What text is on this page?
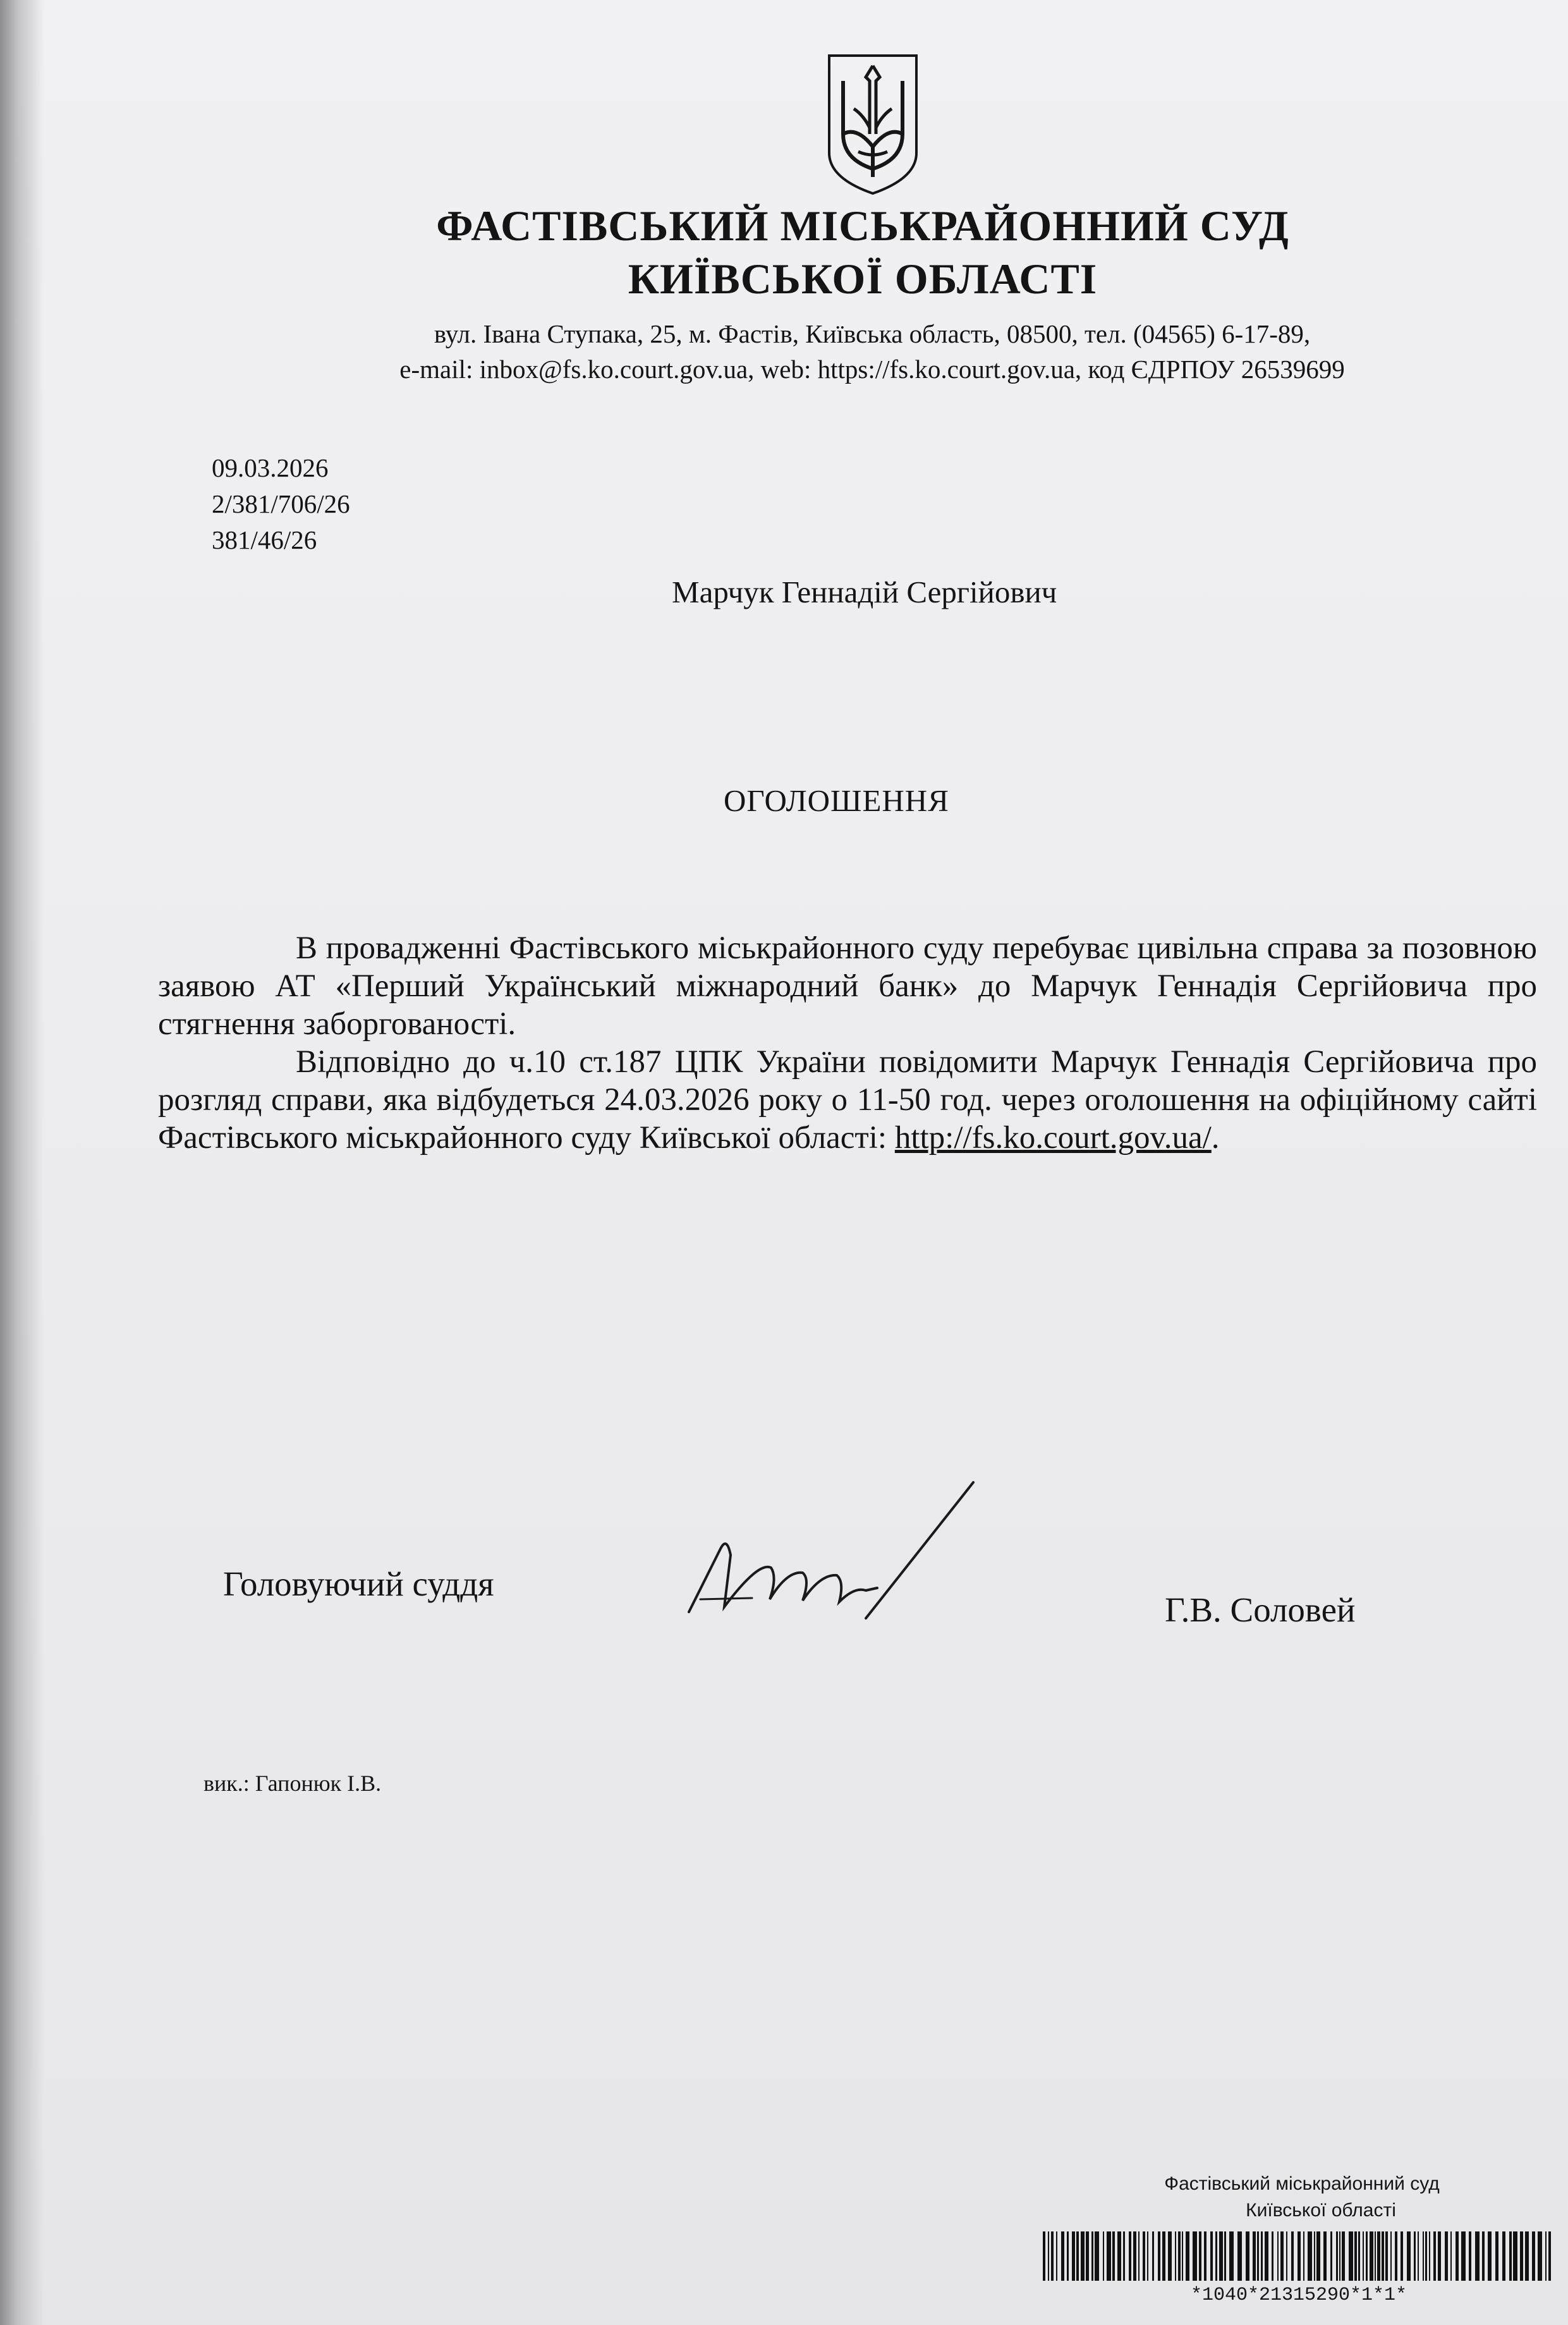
ФАСТІВСЬКИЙ МІСЬКРАЙОННИЙ СУД
КИЇВСЬКОЇ ОБЛАСТІ
вул. Івана Ступака, 25, м. Фастів, Київська область, 08500, тел. (04565) 6-17-89,
e-mail: inbox@fs.ko.court.gov.ua, web: https://fs.ko.court.gov.ua, код ЄДРПОУ 26539699
09.03.2026
2/381/706/26
381/46/26
Марчук Геннадій Сергійович
ОГОЛОШЕННЯ

В провадженні Фастівського міськрайонного суду перебуває цивільна справа за позовною заявою АТ «Перший Український міжнародний банк» до Марчук Геннадія Сергійовича про стягнення заборгованості.

Відповідно до ч.10 ст.187 ЦПК України повідомити Марчук Геннадія Сергійовича про розгляд справи, яка відбудеться 24.03.2026 року о 11-50 год. через оголошення на офіційному сайті Фастівського міськрайонного суду Київської області: http://fs.ko.court.gov.ua/.

Головуючий суддя
Г.В. Соловей
вик.: Гапонюк І.В.
Фастівський міськрайонний суд
Київської області
*1040*21315290*1*1*
